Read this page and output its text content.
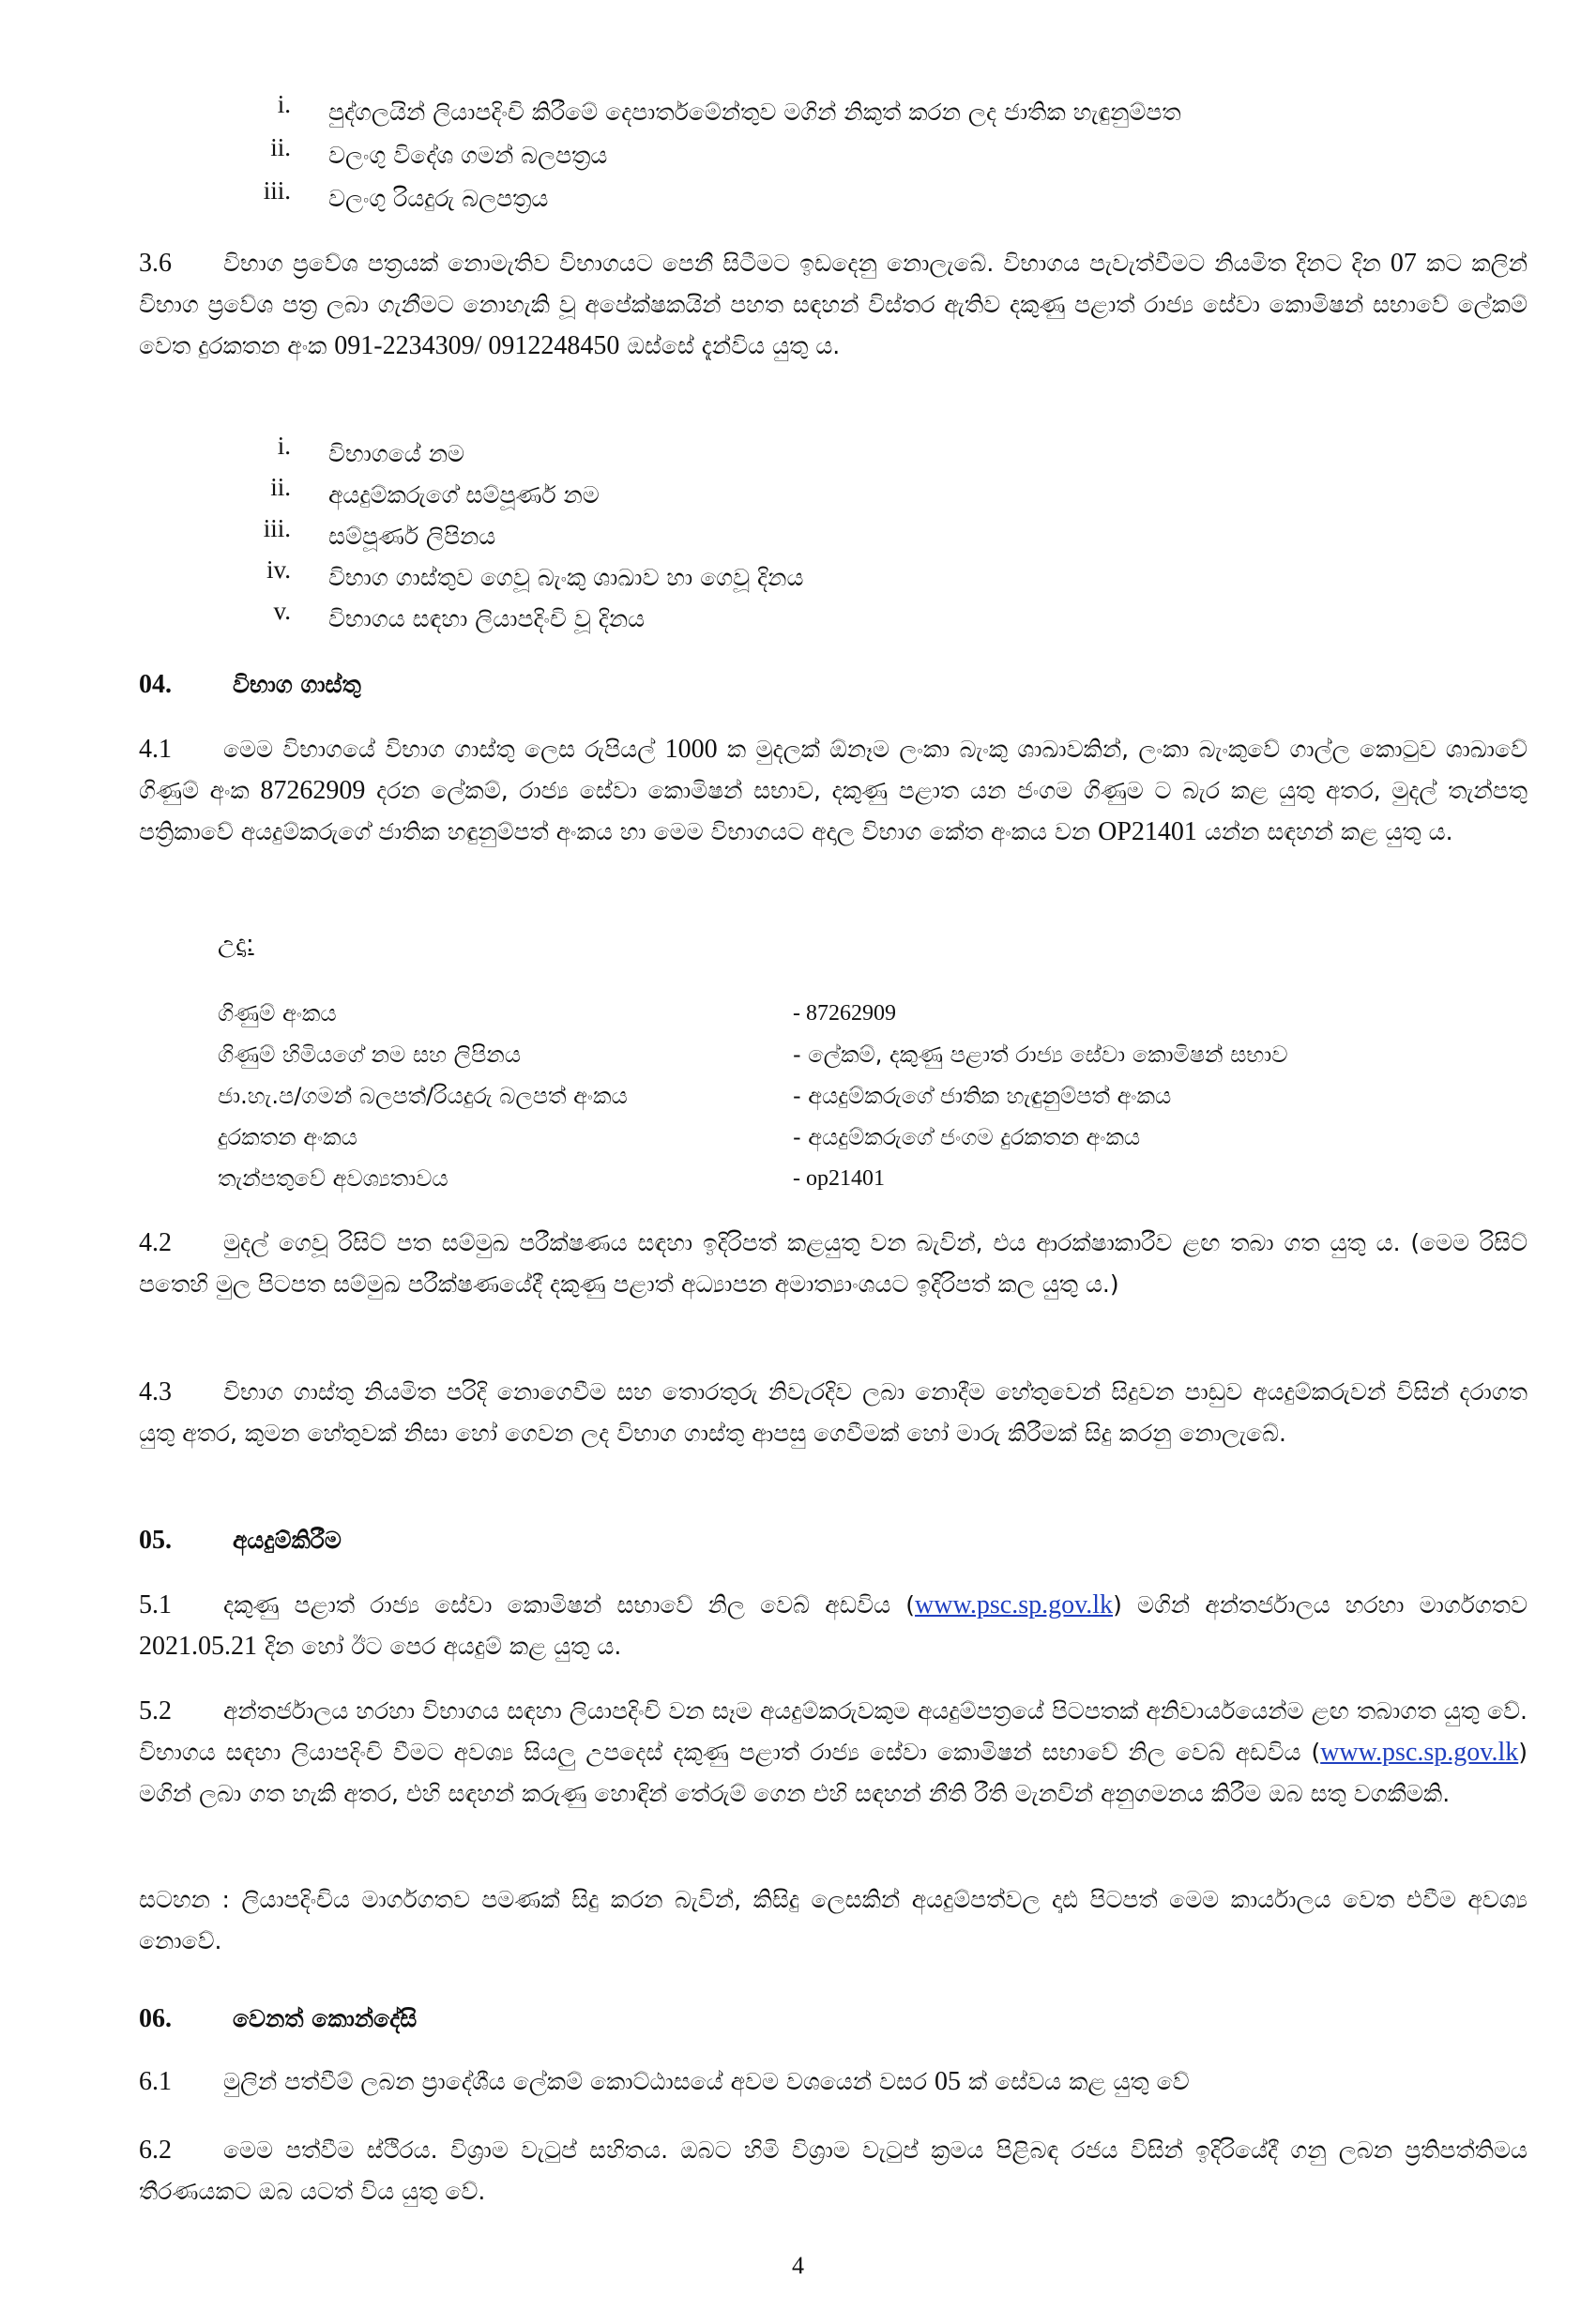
i. පුද්ගලයින් ලියාපදිංචි කිරීමේ දෙපාර්තමේන්තුව මගින් නිකුත් කරන ලද ජාතික හැඳුනුම්පත
ii. වලංගු විදේශ ගමන් බලපත්‍රය
iii. වලංගු රියදුරු බලපත්‍රය
3.6 විභාග ප්‍රවේශ පත්‍රයක් නොමැතිව විභාගයට පෙනී සිටීමට ඉඩදෙනු නොලැබේ. විභාගය පැවැත්වීමට නියමිත දිනට දින 07 කට කලින් විභාග ප්‍රවේශ පත්‍ර ලබා ගැනීමට නොහැකි වූ අපේක්ෂකයින් පහත සඳහන් විස්තර ඇතිව දකුණු පළාත් රාජ්‍ය සේවා කොමිෂන් සභාවේ ලේකම් වෙත දුරකතන අංක 091-2234309/ 0912248450 ඔස්සේ දැන්විය යුතු ය.
i. විභාගයේ නම
ii. අයදුම්කරුගේ සම්පූර්ණ නම
iii. සම්පූර්ණ ලිපිනය
iv. විභාග ගාස්තුව ගෙවූ බැංකු ශාඛාව හා ගෙවූ දිනය
v. විභාගය සඳහා ලියාපදිංචි වූ දිනය
04.	විභාග ගාස්තු
4.1 මෙම විභාගයේ විභාග ගාස්තු ලෙස රුපියල් 1000 ක මුදලක් ඕනෑම ලංකා බැංකු ශාඛාවකින්, ලංකා බැංකුවේ ගාල්ල කොටුව ශාඛාවේ ගිණුම් අංක 87262909 දරන ලේකම්, රාජ්‍ය සේවා කොමිෂන් සභාව, දකුණු පළාත යන ජංගම ගිණුම ට බැර කළ යුතු අතර, මුදල් තැන්පතු පත්‍රිකාවේ අයදුම්කරුගේ ජාතික හඳුනුම්පත් අංකය හා මෙම විභාගයට අදාල විභාග කේත අංකය වන OP21401 යන්න සඳහන් කළ යුතු ය.
උදා:
ගිණුම් අංකය	- 87262909
ගිණුම් හිමියගේ නම සහ ලිපිනය	- ලේකම්, දකුණු පළාත් රාජ්‍ය සේවා කොමිෂන් සභාව
ජා.හැ.ප/ගමන් බලපත්/රියදුරු බලපත් අංකය	- අයදුම්කරුගේ ජාතික හැඳුනුම්පත් අංකය
දුරකතන අංකය	- අයදුම්කරුගේ ජංගම දුරකතන අංකය
තැන්පතුවේ අවශ්‍යතාවය	- op21401
4.2 මුදල් ගෙවූ රිසිට් පත සම්මුඛ පරීක්ෂණය සඳහා ඉදිරිපත් කළයුතු වන බැවින්, එය ආරක්ෂාකාරීව ළඟ තබා ගත යුතු ය. (මෙම රිසිට් පතෙහි මුල පිටපත සම්මුඛ පරීක්ෂණයේදී දකුණු පළාත් අධ්‍යාපන අමාත්‍යාංශයට ඉදිරිපත් කල යුතු ය.)
4.3 විභාග ගාස්තු නියමිත පරිදි නොගෙවීම සහ තොරතුරු නිවැරදිව ලබා නොදීම හේතුවෙන් සිදුවන පාඩුව අයදුම්කරුවන් විසින් දරාගත යුතු අතර, කුමන හේතුවක් නිසා හෝ ගෙවන ලද විභාග ගාස්තු ආපසු ගෙවීමක් හෝ මාරු කිරීමක් සිදු කරනු නොලැබේ.
05.	අයදුම්කිරීම
5.1 දකුණු පළාත් රාජ්‍ය සේවා කොමිෂන් සභාවේ නිල වෙබ් අඩවිය (www.psc.sp.gov.lk) මගින් අන්තර්ජාලය හරහා මාර්ගගතව 2021.05.21 දින හෝ ඊට පෙර අයදුම් කළ යුතු ය.
5.2 අන්තර්ජාලය හරහා විභාගය සඳහා ලියාපදිංචි වන සෑම අයදුම්කරුවකුම අයදුම්පත්‍රයේ පිටපතක් අනිවාර්යයෙන්ම ළඟ තබාගත යුතු වේ. විභාගය සඳහා ලියාපදිංචි වීමට අවශ්‍ය සියලු උපදෙස් දකුණු පළාත් රාජ්‍ය සේවා කොමිෂන් සභාවේ නිල වෙබ් අඩවිය (www.psc.sp.gov.lk) මගින් ලබා ගත හැකි අතර, එහි සඳහන් කරුණු හොඳින් තේරුම් ගෙන එහි සඳහන් නීති රීති මැනවින් අනුගමනය කිරීම ඔබ සතු වගකීමකි.
සටහන : ලියාපදිංචිය මාර්ගගතව පමණක් සිදු කරන බැවින්, කිසිදු ලෙසකින් අයදුම්පත්වල දෘඪ පිටපත් මෙම කාර්යාලය වෙත එවීම අවශ්‍ය නොවේ.
06.	වෙනත් කොන්දේසි
6.1 මුලින් පත්වීම් ලබන ප්‍රාදේශීය ලේකම් කොට්ඨාසයේ අවම වශයෙන් වසර 05 ක් සේවය කළ යුතු වේ
6.2 මෙම පත්වීම ස්ථිරය. විශ්‍රාම වැටුප් සහිතය. ඔබට හිමි විශ්‍රාම වැටුප් ක්‍රමය පිළිබඳ රජය විසින් ඉදිරියේදී ගනු ලබන ප්‍රතිපත්තිමය තීරණයකට ඔබ යටත් විය යුතු වේ.
4
